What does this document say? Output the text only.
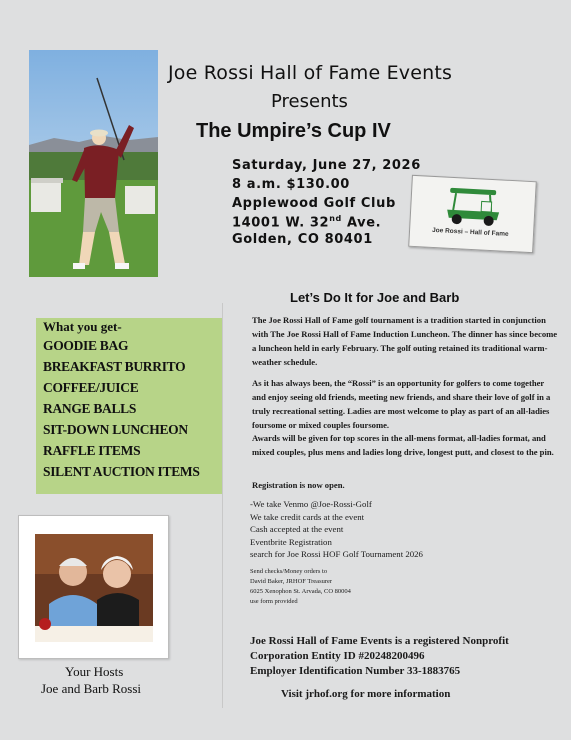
Joe Rossi Hall of Fame Events
Presents
The Umpire’s Cup IV
Saturday, June 27, 2026
8 a.m. $130.00
Applewood Golf Club
14001 W. 32nd Ave.
Golden, CO 80401	Joe Rossi – Hall of Fame
What you get-
GOODIE BAG
BREAKFAST BURRITO
COFFEE/JUICE
RANGE BALLS
SIT-DOWN LUNCHEON
RAFFLE ITEMS
SILENT AUCTION ITEMS
Your Hosts
Joe and Barb Rossi
Let’s Do It for Joe and Barb
The Joe Rossi Hall of Fame golf tournament is a tradition started in conjunction with The Joe Rossi Hall of Fame Induction Luncheon. The dinner has since become a luncheon held in early February. The golf outing retained its traditional warm-weather schedule.
As it has always been, the “Rossi” is an opportunity for golfers to come together and enjoy seeing old friends, meeting new friends, and share their love of golf in a truly recreational setting. Ladies are most welcome to play as part of an all-ladies foursome or mixed couples foursome.
Awards will be given for top scores in the all-mens format, all-ladies format, and mixed couples, plus mens and ladies long drive, longest putt, and closest to the pin.
Registration is now open.
-We take Venmo @Joe-Rossi-Golf
We take credit cards at the event
Cash accepted at the event
Eventbrite Registration
search for Joe Rossi HOF Golf Tournament 2026
Send checks/Money orders to
David Baker, JRHOF Treasurer
6025 Xenophon St. Arvada, CO 80004
use form provided
Joe Rossi Hall of Fame Events is a registered Nonprofit
Corporation Entity ID #20248200496
Employer Identification Number 33-1883765
Visit jrhof.org for more information
